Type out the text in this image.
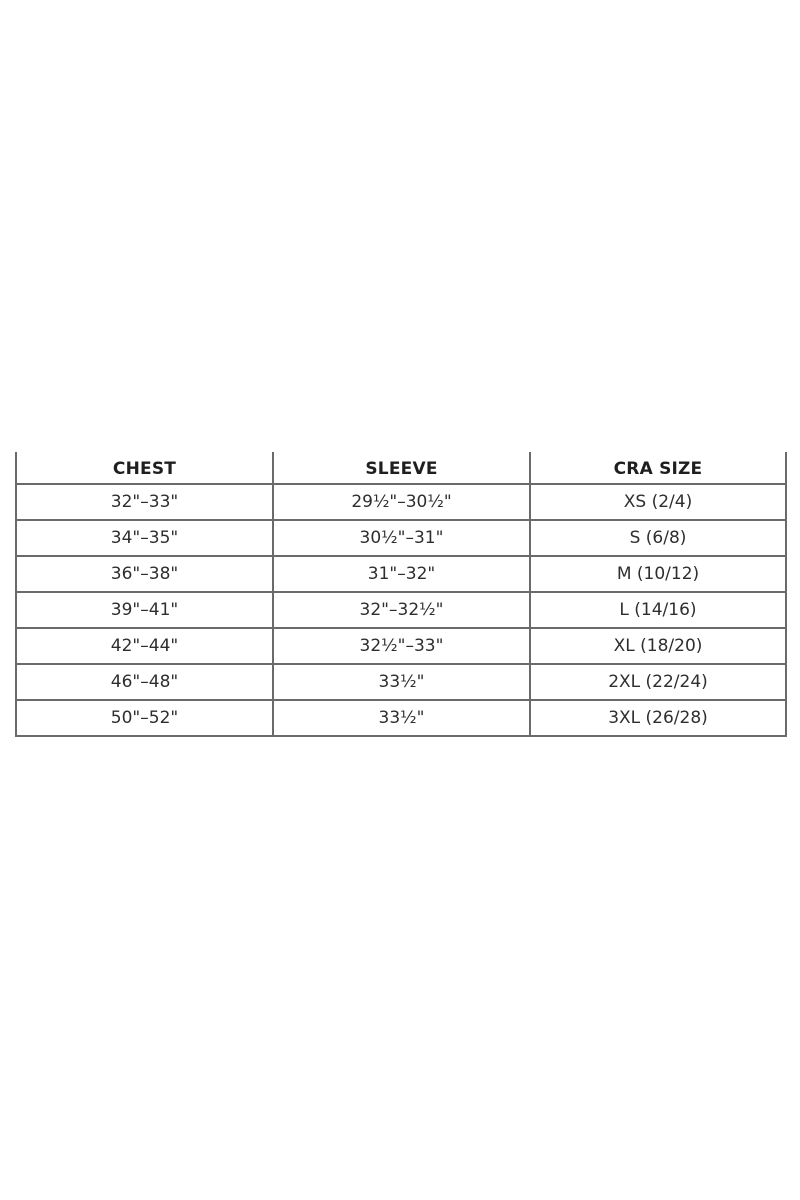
CHEST	SLEEVE	CRA SIZE
32"–33"	29½"–30½"	XS (2/4)
34"–35"	30½"–31"	S (6/8)
36"–38"	31"–32"	M (10/12)
39"–41"	32"–32½"	L (14/16)
42"–44"	32½"–33"	XL (18/20)
46"–48"	33½"	2XL (22/24)
50"–52"	33½"	3XL (26/28)
